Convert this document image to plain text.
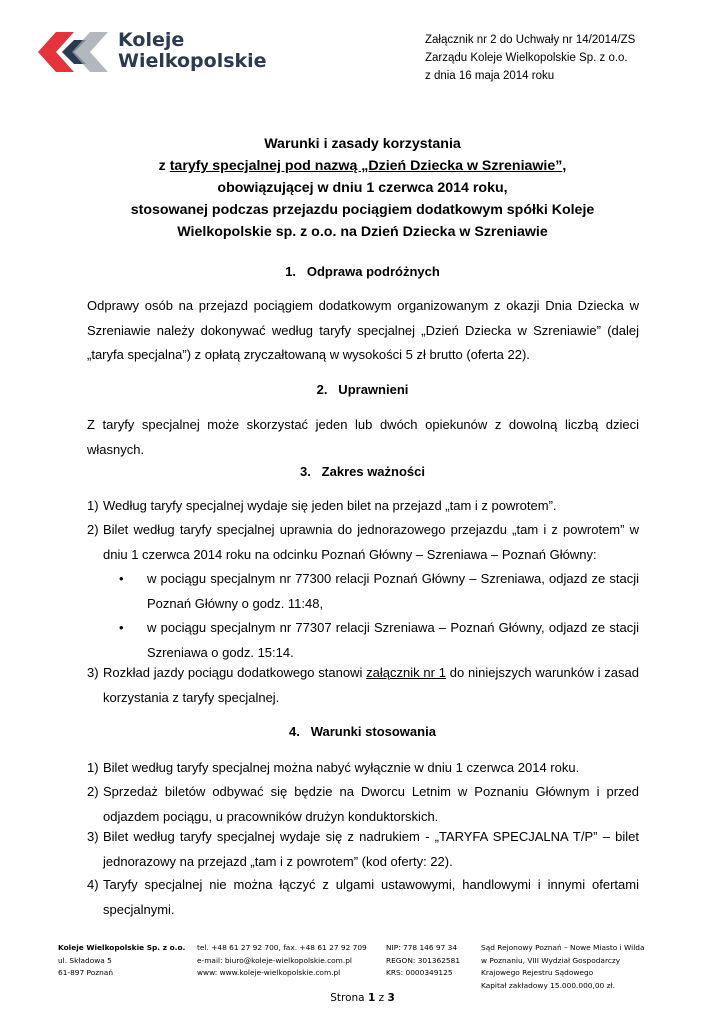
Koleje
Wielkopolskie
Załącznik nr 2 do Uchwały nr 14/2014/ZS
Zarządu Koleje Wielkopolskie Sp. z o.o.
z dnia 16 maja 2014 roku
Warunki i zasady korzystania
z taryfy specjalnej pod nazwą „Dzień Dziecka w Szreniawie”,
obowiązującej w dniu 1 czerwca 2014 roku,
stosowanej podczas przejazdu pociągiem dodatkowym spółki Koleje
Wielkopolskie sp. z o.o. na Dzień Dziecka w Szreniawie
1.   Odprawa podróżnych
Odprawy osób na przejazd pociągiem dodatkowym organizowanym z okazji Dnia Dziecka w Szreniawie należy dokonywać według taryfy specjalnej „Dzień Dziecka w Szreniawie” (dalej „taryfa specjalna”) z opłatą zryczałtowaną w wysokości 5 zł brutto (oferta 22).
2.   Uprawnieni
Z taryfy specjalnej może skorzystać jeden lub dwóch opiekunów z dowolną liczbą dzieci własnych.
3.   Zakres ważności
1) Według taryfy specjalnej wydaje się jeden bilet na przejazd „tam i z powrotem”.
2) Bilet według taryfy specjalnej uprawnia do jednorazowego przejazdu „tam i z powrotem” w dniu 1 czerwca 2014 roku na odcinku Poznań Główny – Szreniawa – Poznań Główny:
• w pociągu specjalnym nr 77300 relacji Poznań Główny – Szreniawa, odjazd ze stacji Poznań Główny o godz. 11:48,
• w pociągu specjalnym nr 77307 relacji Szreniawa – Poznań Główny, odjazd ze stacji Szreniawa o godz. 15:14.
3) Rozkład jazdy pociągu dodatkowego stanowi załącznik nr 1 do niniejszych warunków i zasad korzystania z taryfy specjalnej.
4.   Warunki stosowania
1) Bilet według taryfy specjalnej można nabyć wyłącznie w dniu 1 czerwca 2014 roku.
2) Sprzedaż biletów odbywać się będzie na Dworcu Letnim w Poznaniu Głównym i przed odjazdem pociągu, u pracowników drużyn konduktorskich.
3) Bilet według taryfy specjalnej wydaje się z nadrukiem - „TARYFA SPECJALNA T/P” – bilet jednorazowy na przejazd „tam i z powrotem” (kod oferty: 22).
4) Taryfy specjalnej nie można łączyć z ulgami ustawowymi, handlowymi i innymi ofertami specjalnymi.
Koleje Wielkopolskie Sp. z o.o.
ul. Składowa 5
61-897 Poznań
tel. +48 61 27 92 700, fax. +48 61 27 92 709
e-mail: biuro@koleje-wielkopolskie.com.pl
www: www.koleje-wielkopolskie.com.pl
NIP: 778 146 97 34
REGON: 301362581
KRS: 0000349125
Sąd Rejonowy Poznań – Nowe Miasto i Wilda
w Poznaniu, VIII Wydział Gospodarczy
Krajowego Rejestru Sądowego
Kapitał zakładowy 15.000.000,00 zł.
Strona 1 z 3
